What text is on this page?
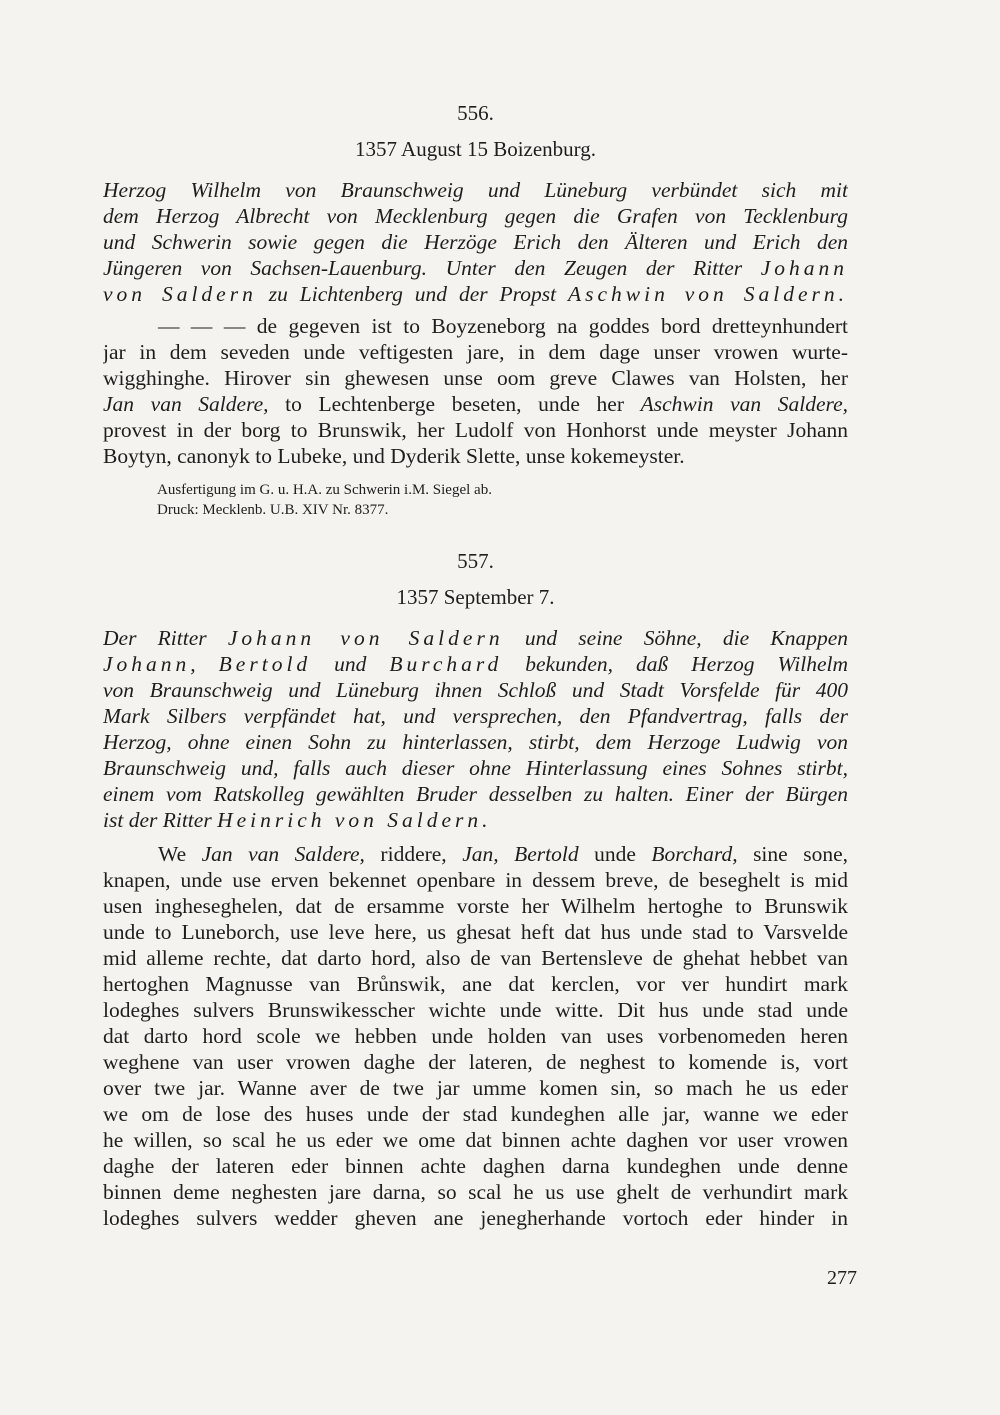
556.
1357 August 15 Boizenburg.
Herzog Wilhelm von Braunschweig und Lüneburg verbündet sich mit
dem Herzog Albrecht von Mecklenburg gegen die Grafen von Tecklenburg
und Schwerin sowie gegen die Herzöge Erich den Älteren und Erich den
Jüngeren von Sachsen-Lauenburg. Unter den Zeugen der Ritter Johann
von Saldern zu Lichtenberg und der Propst Aschwin von Saldern.
— — — de gegeven ist to Boyzeneborg na goddes bord dretteynhundert
jar in dem seveden unde veftigesten jare, in dem dage unser vrowen wurte-
wigghinghe. Hirover sin ghewesen unse oom greve Clawes van Holsten, her
Jan van Saldere, to Lechtenberge beseten, unde her Aschwin van Saldere,
provest in der borg to Brunswik, her Ludolf von Honhorst unde meyster Johann
Boytyn, canonyk to Lubeke, und Dyderik Slette, unse kokemeyster.
Ausfertigung im G. u. H.A. zu Schwerin i.M. Siegel ab.
Druck: Mecklenb. U.B. XIV Nr. 8377.
557.
1357 September 7.
Der Ritter Johann von Saldern und seine Söhne, die Knappen
Johann, Bertold und Burchard bekunden, daß Herzog Wilhelm
von Braunschweig und Lüneburg ihnen Schloß und Stadt Vorsfelde für 400
Mark Silbers verpfändet hat, und versprechen, den Pfandvertrag, falls der
Herzog, ohne einen Sohn zu hinterlassen, stirbt, dem Herzoge Ludwig von
Braunschweig und, falls auch dieser ohne Hinterlassung eines Sohnes stirbt,
einem vom Ratskolleg gewählten Bruder desselben zu halten. Einer der Bürgen
ist der Ritter Heinrich von Saldern.
We Jan van Saldere, riddere, Jan, Bertold unde Borchard, sine sone,
knapen, unde use erven bekennet openbare in dessem breve, de beseghelt is mid
usen ingheseghelen, dat de ersamme vorste her Wilhelm hertoghe to Brunswik
unde to Luneborch, use leve here, us ghesat heft dat hus unde stad to Varsvelde
mid alleme rechte, dat darto hord, also de van Bertensleve de ghehat hebbet van
hertoghen Magnusse van Brůnswik, ane dat kerclen, vor ver hundirt mark
lodeghes sulvers Brunswikesscher wichte unde witte. Dit hus unde stad unde
dat darto hord scole we hebben unde holden van uses vorbenomeden heren
weghene van user vrowen daghe der lateren, de neghest to komende is, vort
over twe jar. Wanne aver de twe jar umme komen sin, so mach he us eder
we om de lose des huses unde der stad kundeghen alle jar, wanne we eder
he willen, so scal he us eder we ome dat binnen achte daghen vor user vrowen
daghe der lateren eder binnen achte daghen darna kundeghen unde denne
binnen deme neghesten jare darna, so scal he us use ghelt de verhundirt mark
lodeghes sulvers wedder gheven ane jenegherhande vortoch eder hinder in
277
